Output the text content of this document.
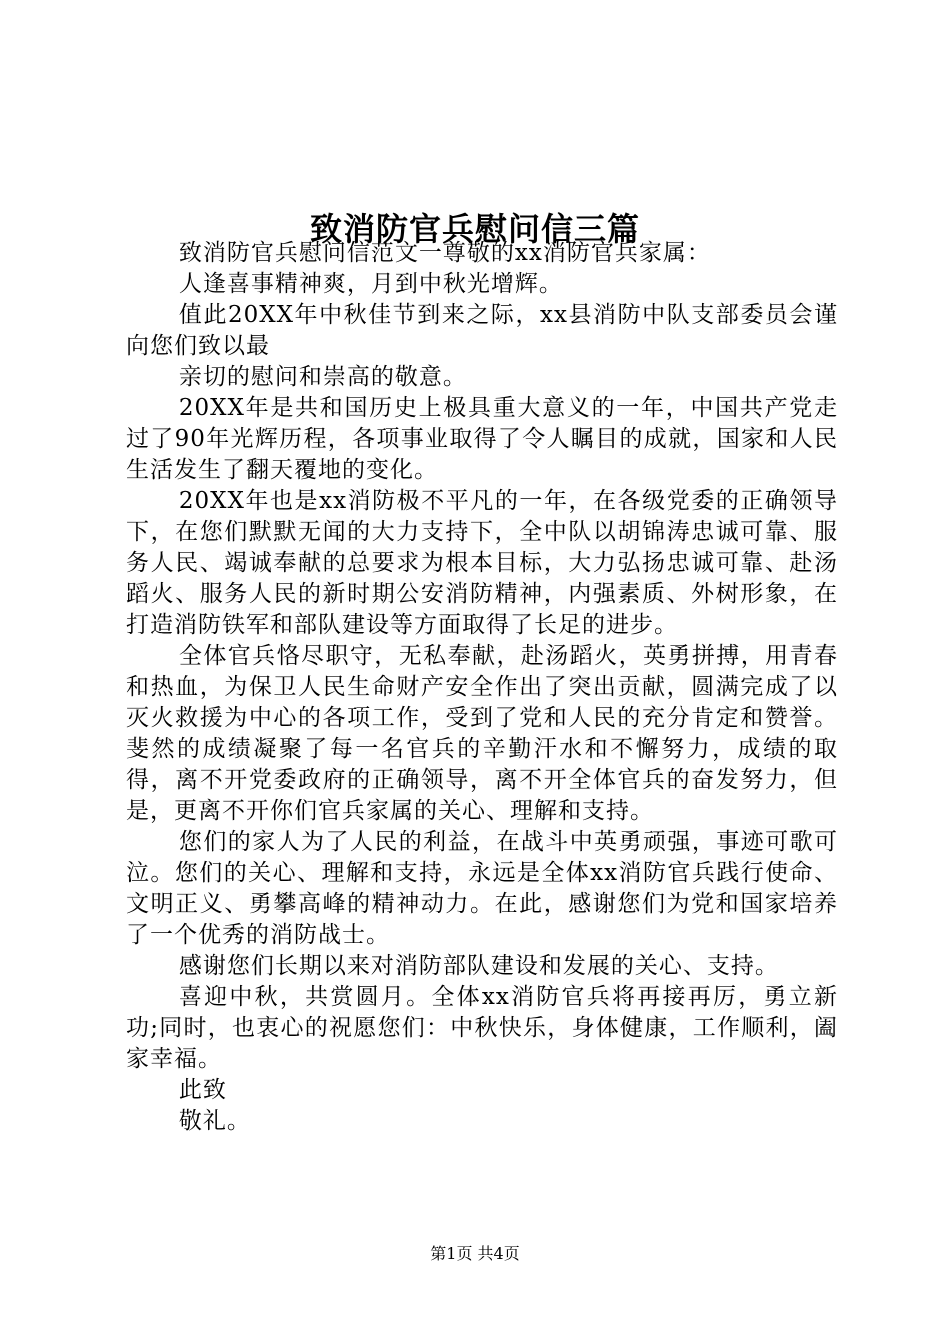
致消防官兵慰问信三篇

致消防官兵慰问信范文一尊敬的xx消防官兵家属：

人逢喜事精神爽，月到中秋光增辉。

值此20XX年中秋佳节到来之际，xx县消防中队支部委员会谨向您们致以最

亲切的慰问和崇高的敬意。

20XX年是共和国历史上极具重大意义的一年，中国共产党走过了90年光辉历程，各项事业取得了令人瞩目的成就，国家和人民生活发生了翻天覆地的变化。

20XX年也是xx消防极不平凡的一年，在各级党委的正确领导下，在您们默默无闻的大力支持下，全中队以胡锦涛忠诚可靠、服务人民、竭诚奉献的总要求为根本目标，大力弘扬忠诚可靠、赴汤蹈火、服务人民的新时期公安消防精神，内强素质、外树形象，在打造消防铁军和部队建设等方面取得了长足的进步。

全体官兵恪尽职守，无私奉献，赴汤蹈火，英勇拼搏，用青春和热血，为保卫人民生命财产安全作出了突出贡献，圆满完成了以灭火救援为中心的各项工作，受到了党和人民的充分肯定和赞誉。斐然的成绩凝聚了每一名官兵的辛勤汗水和不懈努力，成绩的取得，离不开党委政府的正确领导，离不开全体官兵的奋发努力，但是，更离不开你们官兵家属的关心、理解和支持。

您们的家人为了人民的利益，在战斗中英勇顽强，事迹可歌可泣。您们的关心、理解和支持，永远是全体xx消防官兵践行使命、文明正义、勇攀高峰的精神动力。在此，感谢您们为党和国家培养了一个优秀的消防战士。

感谢您们长期以来对消防部队建设和发展的关心、支持。

喜迎中秋，共赏圆月。全体xx消防官兵将再接再厉，勇立新功;同时，也衷心的祝愿您们：中秋快乐，身体健康，工作顺利，阖家幸福。

此致

敬礼。

第1页 共4页
